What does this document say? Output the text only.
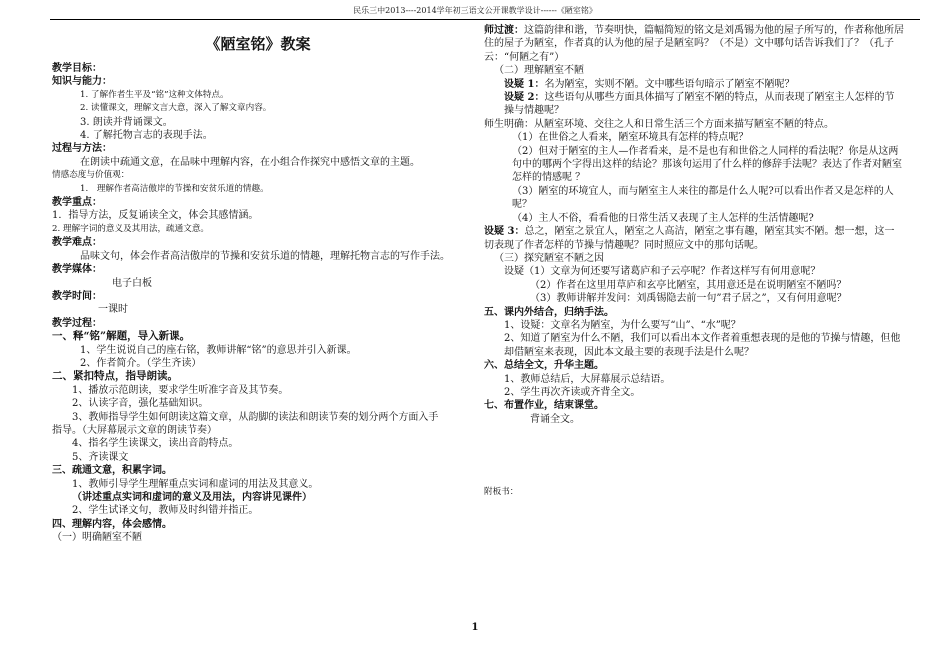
民乐三中2013----2014学年初三语文公开课教学设计------《陋室铭》
《陋室铭》教案
教学目标：
知识与能力：
1. 了解作者生平及“铭”这种文体特点。
2. 读懂课文，理解文言大意，深入了解文章内容。
3. 朗读并背诵课文。
4. 了解托物言志的表现手法。
过程与方法：
在朗读中疏通文意，在品味中理解内容，在小组合作探究中感悟文章的主题。
情感态度与价值观：
1.　理解作者高洁傲岸的节操和安贫乐道的情趣。
教学重点：
1．指导方法，反复诵读全文，体会其感情涵。
2. 理解字词的意义及其用法，疏通文意。
教学难点：
品味文句，体会作者高洁傲岸的节操和安贫乐道的情趣，理解托物言志的写作手法。
教学媒体：
电子白板
教学时间：
一课时
教学过程：
一、释“铭”解题，导入新课。
1、学生说说自己的座右铭，教师讲解“铭”的意思并引入新课。
2、作者简介。（学生齐读）
二、紧扣特点，指导朗读。
1、播放示范朗读，要求学生听准字音及其节奏。
2、认读字音，强化基础知识。
3、教师指导学生如何朗读这篇文章，从韵脚的读法和朗读节奏的划分两个方面入手
指导。（大屏幕展示文章的朗读节奏）
4、指名学生读课文，读出音韵特点。
5、齐读课文
三、疏通文意，积累字词。
1、教师引导学生理解重点实词和虚词的用法及其意义。
（讲述重点实词和虚词的意义及用法，内容讲见课件）
2、学生试译文句，教师及时纠错并指正。
四、理解内容，体会感情。
（一）明确陋室不陋
师过渡：这篇韵律和谐，节奏明快，篇幅简短的铭文是刘禹锡为他的屋子所写的，作者称他所居住的屋子为陋室，作者真的认为他的屋子是陋室吗？（不是）文中哪句话告诉我们了？（孔子云：“何陋之有”）
（二）理解陋室不陋
设疑 1：名为陋室，实则不陋。文中哪些语句暗示了陋室不陋呢？
设疑 2：这些语句从哪些方面具体描写了陋室不陋的特点，从而表现了陋室主人怎样的节操与情趣呢？
师生明确：从陋室环境、交往之人和日常生活三个方面来描写陋室不陋的特点。
（1）在世俗之人看来，陋室环境具有怎样的特点呢？
（2）但对于陋室的主人—作者看来，是不是也有和世俗之人同样的看法呢？你是从这两句中的哪两个字得出这样的结论？那该句运用了什么样的修辞手法呢？表达了作者对陋室怎样的情感呢 ？
（3）陋室的环境宜人，而与陋室主人来往的都是什么人呢?可以看出作者又是怎样的人呢？
（4）主人不俗，看看他的日常生活又表现了主人怎样的生活情趣呢?
设疑 3：总之，陋室之景宜人，陋室之人高洁，陋室之事有趣，陋室其实不陋。想一想，这一切表现了作者怎样的节操与情趣呢？同时照应文中的那句话呢。
（三）探究陋室不陋之因
设疑（1）文章为何还要写诸葛庐和子云亭呢？作者这样写有何用意呢？
（2）作者在这里用草庐和玄亭比陋室，其用意还是在说明陋室不陋吗？
（3）教师讲解并发问：刘禹锡隐去前一句”君子居之”，又有何用意呢？
五、课内外结合，归纳手法。
1、设疑：文章名为陋室，为什么要写“山”、“水”呢？
2、知道了陋室为什么不陋，我们可以看出本文作者着重想表现的是他的节操与情趣，但他却借陋室来表现，因此本文最主要的表现手法是什么呢？
六、总结全文，升华主题。
1、教师总结后，大屏幕展示总结语。
2、学生再次齐读或齐背全文。
七、布置作业，结束课堂。
背诵全文。
附板书：
1
